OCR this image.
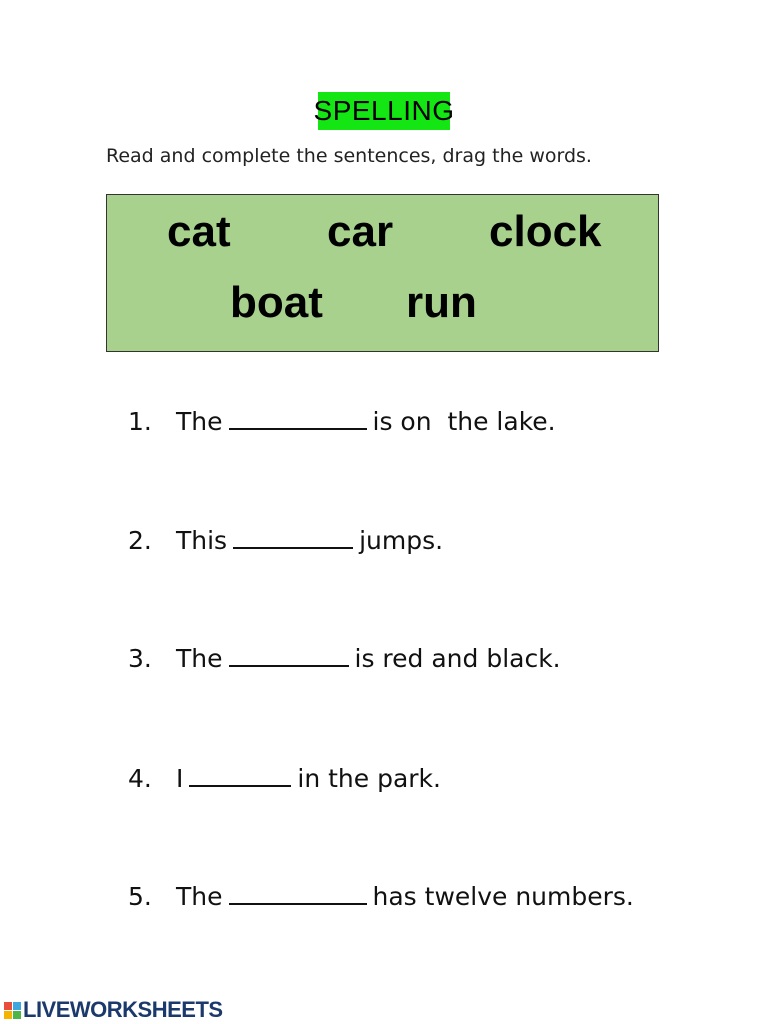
SPELLING
Read and complete the sentences, drag the words.
cat car clock
boat run
1. The	is on  the lake.
2. This	jumps.
3. The	is red and black.
4. I	in the park.
5. The	has twelve numbers.
LIVEWORKSHEETS
